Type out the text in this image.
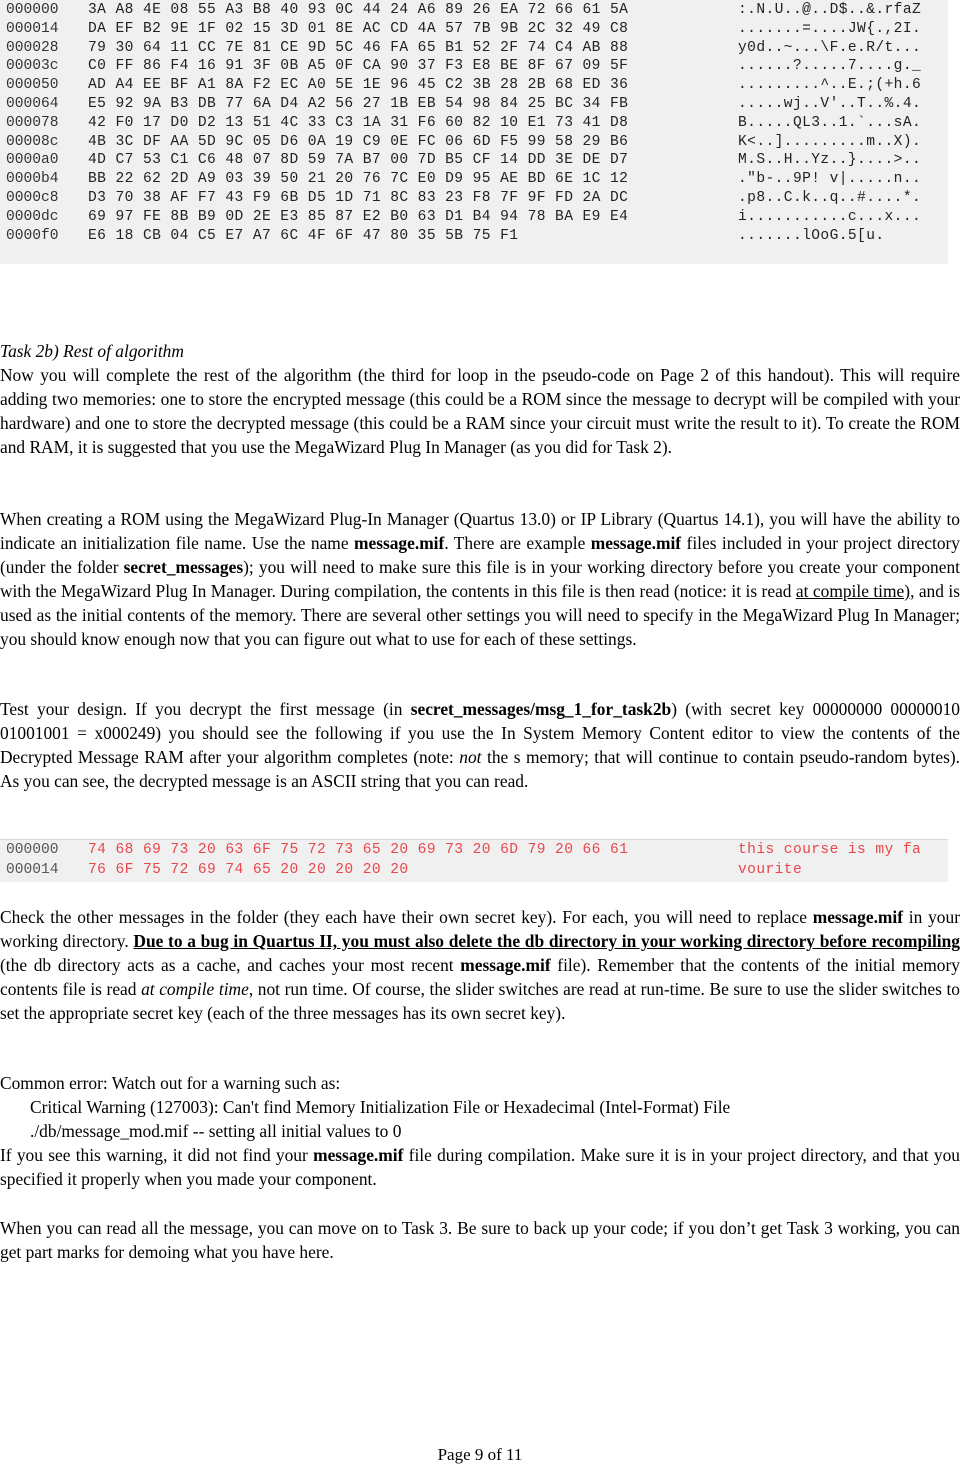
000000 3A A8 4E 08 55 A3 B8 40 93 0C 44 24 A6 89 26 EA 72 66 61 5A	:.N.U..@..D$..&.rfaZ
000014 DA EF B2 9E 1F 02 15 3D 01 8E AC CD 4A 57 7B 9B 2C 32 49 C8	.......=....JW{.,2I.
000028 79 30 64 11 CC 7E 81 CE 9D 5C 46 FA 65 B1 52 2F 74 C4 AB 88	y0d..~...\F.e.R/t...
00003c C0 FF 86 F4 16 91 3F 0B A5 0F CA 90 37 F3 E8 BE 8F 67 09 5F	......?.....7....g._
000050 AD A4 EE BF A1 8A F2 EC A0 5E 1E 96 45 C2 3B 28 2B 68 ED 36	.........^..E.;(+h.6
000064 E5 92 9A B3 DB 77 6A D4 A2 56 27 1B EB 54 98 84 25 BC 34 FB	.....wj..V'..T..%.4.
000078 42 F0 17 D0 D2 13 51 4C 33 C3 1A 31 F6 60 82 10 E1 73 41 D8	B.....QL3..1.`...sA.
00008c 4B 3C DF AA 5D 9C 05 D6 0A 19 C9 0E FC 06 6D F5 99 58 29 B6	K<..].........m..X).
0000a0 4D C7 53 C1 C6 48 07 8D 59 7A B7 00 7D B5 CF 14 DD 3E DE D7	M.S..H..Yz..}....>..
0000b4 BB 22 62 2D A9 03 39 50 21 20 76 7C E0 D9 95 AE BD 6E 1C 12	."b-..9P! v|.....n..
0000c8 D3 70 38 AF F7 43 F9 6B D5 1D 71 8C 83 23 F8 7F 9F FD 2A DC	.p8..C.k..q..#....*.
0000dc 69 97 FE 8B B9 0D 2E E3 85 87 E2 B0 63 D1 B4 94 78 BA E9 E4	i...........c...x...
0000f0 E6 18 CB 04 C5 E7 A7 6C 4F 6F 47 80 35 5B 75 F1	.......lOoG.5[u.

Task 2b) Rest of algorithm

Now you will complete the rest of the algorithm (the third for loop in the pseudo-code on Page 2 of this handout). This will require adding two memories: one to store the encrypted message (this could be a ROM since the message to decrypt will be compiled with your hardware) and one to store the decrypted message (this could be a RAM since your circuit must write the result to it). To create the ROM and RAM, it is suggested that you use the MegaWizard Plug In Manager (as you did for Task 2).

When creating a ROM using the MegaWizard Plug-In Manager (Quartus 13.0) or IP Library (Quartus 14.1), you will have the ability to indicate an initialization file name. Use the name message.mif. There are example message.mif files included in your project directory (under the folder secret_messages); you will need to make sure this file is in your working directory before you create your component with the MegaWizard Plug In Manager. During compilation, the contents in this file is then read (notice: it is read at compile time), and is used as the initial contents of the memory. There are several other settings you will need to specify in the MegaWizard Plug In Manager; you should know enough now that you can figure out what to use for each of these settings.

Test your design. If you decrypt the first message (in secret_messages/msg_1_for_task2b) (with secret key 00000000 00000010 01001001 = x000249) you should see the following if you use the In System Memory Content editor to view the contents of the Decrypted Message RAM after your algorithm completes (note: not the s memory; that will continue to contain pseudo-random bytes). As you can see, the decrypted message is an ASCII string that you can read.

000000 74 68 69 73 20 63 6F 75 72 73 65 20 69 73 20 6D 79 20 66 61	this course is my fa
000014 76 6F 75 72 69 74 65 20 20 20 20 20	vourite

Check the other messages in the folder (they each have their own secret key). For each, you will need to replace message.mif in your working directory. Due to a bug in Quartus II, you must also delete the db directory in your working directory before recompiling (the db directory acts as a cache, and caches your most recent message.mif file). Remember that the contents of the initial memory contents file is read at compile time, not run time. Of course, the slider switches are read at run-time. Be sure to use the slider switches to set the appropriate secret key (each of the three messages has its own secret key).

Common error: Watch out for a warning such as:

Critical Warning (127003): Can't find Memory Initialization File or Hexadecimal (Intel-Format) File

./db/message_mod.mif -- setting all initial values to 0

If you see this warning, it did not find your message.mif file during compilation. Make sure it is in your project directory, and that you specified it properly when you made your component.

When you can read all the message, you can move on to Task 3. Be sure to back up your code; if you don’t get Task 3 working, you can get part marks for demoing what you have here.

Page 9 of 11
